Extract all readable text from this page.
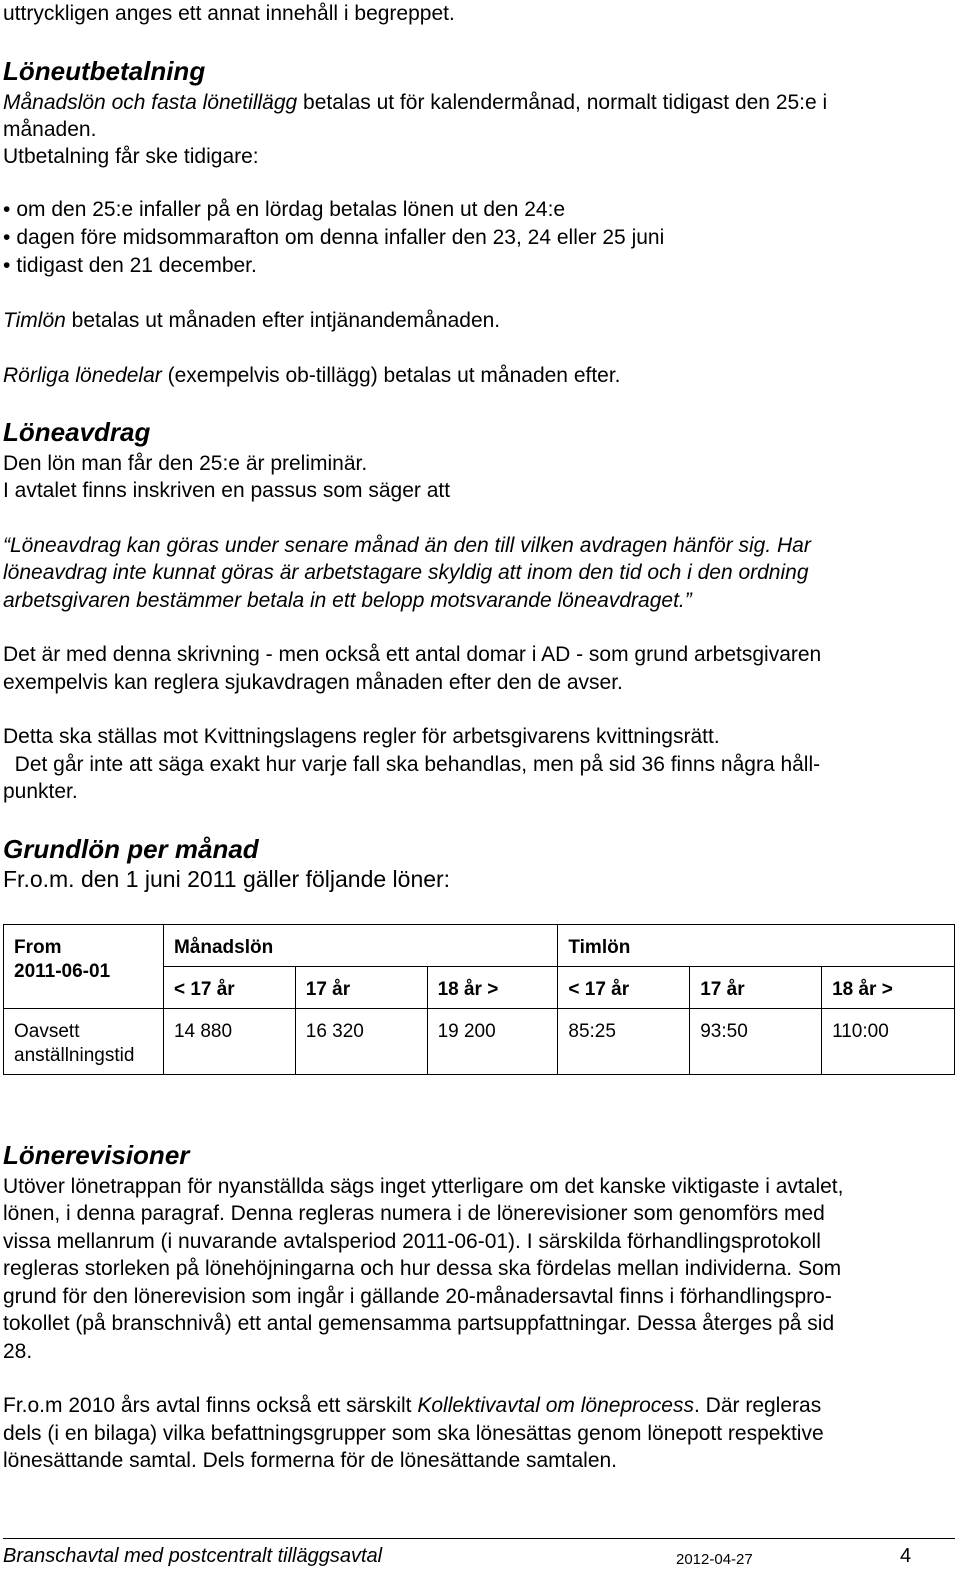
uttryckligen anges ett annat innehåll i begreppet.

Löneutbetalning

Månadslön och fasta lönetillägg betalas ut för kalendermånad, normalt tidigast den 25:e i

månaden.

Utbetalning får ske tidigare:

• om den 25:e infaller på en lördag betalas lönen ut den 24:e
• dagen före midsommarafton om denna infaller den 23, 24 eller 25 juni
• tidigast den 21 december.

Timlön betalas ut månaden efter intjänandemånaden.

Rörliga lönedelar (exempelvis ob-tillägg) betalas ut månaden efter.

Löneavdrag

Den lön man får den 25:e är preliminär.

I avtalet finns inskriven en passus som säger att

“Löneavdrag kan göras under senare månad än den till vilken avdragen hänför sig. Har

löneavdrag inte kunnat göras är arbetstagare skyldig att inom den tid och i den ordning

arbetsgivaren bestämmer betala in ett belopp motsvarande löneavdraget.”

Det är med denna skrivning - men också ett antal domar i AD - som grund arbetsgivaren

exempelvis kan reglera sjukavdragen månaden efter den de avser.

Detta ska ställas mot Kvittningslagens regler för arbetsgivarens kvittningsrätt.

Det går inte att säga exakt hur varje fall ska behandlas, men på sid 36 finns några håll-

punkter.

Grundlön per månad

Fr.o.m. den 1 juni 2011 gäller följande löner:

From
2011-06-01	Månadslön			Timlön		
	< 17 år	17 år	18 år >	< 17 år	17 år	18 år >

Oavsett
anställningstid	14 880	16 320	19 200	85:25	93:50	110:00
Lönerevisioner

Utöver lönetrappan för nyanställda sägs inget ytterligare om det kanske viktigaste i avtalet,

lönen, i denna paragraf. Denna regleras numera i de lönerevisioner som genomförs med

vissa mellanrum (i nuvarande avtalsperiod 2011-06-01). I särskilda förhandlingsprotokoll

regleras storleken på lönehöjningarna och hur dessa ska fördelas mellan individerna. Som

grund för den lönerevision som ingår i gällande 20-månadersavtal finns i förhandlingspro-

tokollet (på branschnivå) ett antal gemensamma partsuppfattningar. Dessa återges på sid

28.

Fr.o.m 2010 års avtal finns också ett särskilt Kollektivavtal om löneprocess. Där regleras

dels (i en bilaga) vilka befattningsgrupper som ska lönesättas genom lönepott respektive

lönesättande samtal. Dels formerna för de lönesättande samtalen.

Branschavtal med postcentralt tilläggsavtal	2012-04-27	4
